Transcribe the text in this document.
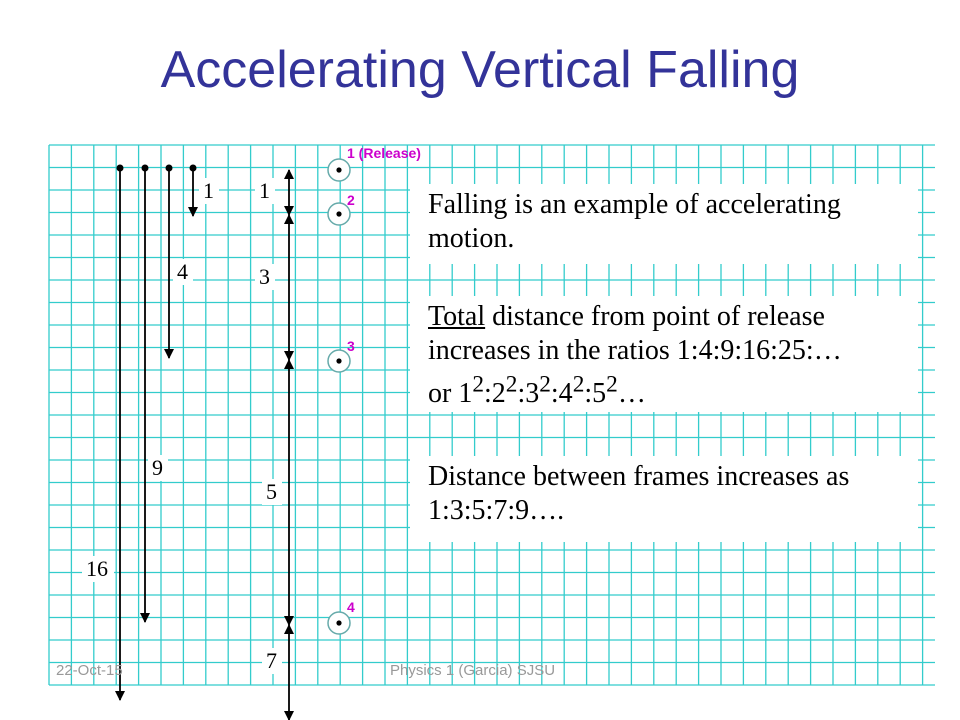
1 (Release)
2
3
4
1
4
9
16
1
3
5
7
Accelerating Vertical Falling
Falling is an example of accelerating motion.
Total distance from point of release increases in the ratios 1:4:9:16:25:…
or $1^2:2^2:3^2:4^2:5^2\dots$
Distance between frames increases as 1:3:5:7:9….
22-Oct-15	Physics 1 (Garcia) SJSU
